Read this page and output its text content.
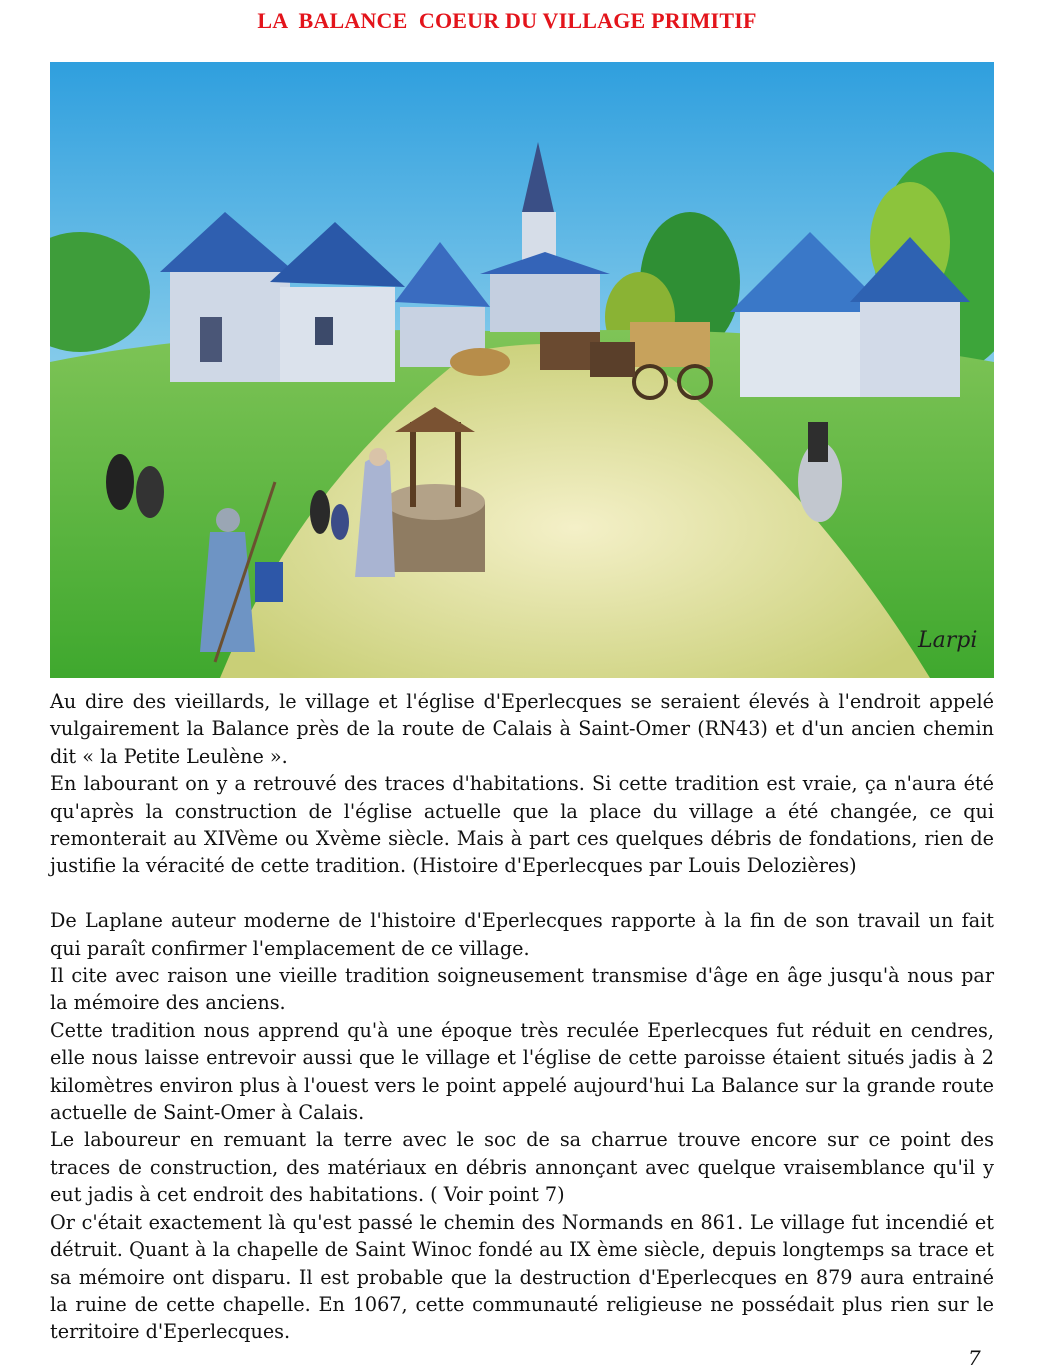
LA  BALANCE  COEUR DU VILLAGE PRIMITIF
Larpi

Au dire des vieillards, le village et l'église d'Eperlecques se seraient élevés à l'endroit appelé vulgairement la Balance près de la route de Calais à Saint-Omer (RN43) et d'un ancien chemin dit « la Petite Leulène ».

En labourant on y a retrouvé des traces d'habitations. Si cette tradition est vraie, ça n'aura été qu'après la construction de l'église actuelle que la place du village a été changée, ce qui remonterait au XIVème ou Xvème siècle. Mais à part ces quelques débris de fondations, rien de justifie la véracité de cette tradition. (Histoire d'Eperlecques par Louis Delozières)

De Laplane auteur moderne de l'histoire d'Eperlecques rapporte à la fin de son travail un fait qui paraît confirmer l'emplacement de ce village.

Il cite avec raison une vieille tradition soigneusement transmise d'âge en âge jusqu'à nous par la mémoire des anciens.

Cette tradition nous apprend qu'à une époque très reculée Eperlecques fut réduit en cendres, elle nous laisse entrevoir aussi que le village et l'église de cette paroisse étaient situés jadis à 2 kilomètres environ plus à l'ouest vers le point appelé aujourd'hui La Balance sur la grande route actuelle de Saint-Omer à Calais.

Le laboureur en remuant la terre avec le soc de sa charrue trouve encore sur ce point des traces de construction, des matériaux en débris annonçant avec quelque vraisemblance qu'il y eut jadis à cet endroit des habitations. ( Voir point 7)

Or c'était exactement là qu'est passé le chemin des Normands en 861. Le village fut incendié et détruit. Quant à la chapelle de Saint Winoc fondé au IX ème siècle, depuis longtemps sa trace et sa mémoire ont disparu. Il est probable que la destruction d'Eperlecques en 879 aura entrainé la ruine de cette chapelle. En 1067, cette communauté religieuse ne possédait plus rien sur le territoire d'Eperlecques.

7
